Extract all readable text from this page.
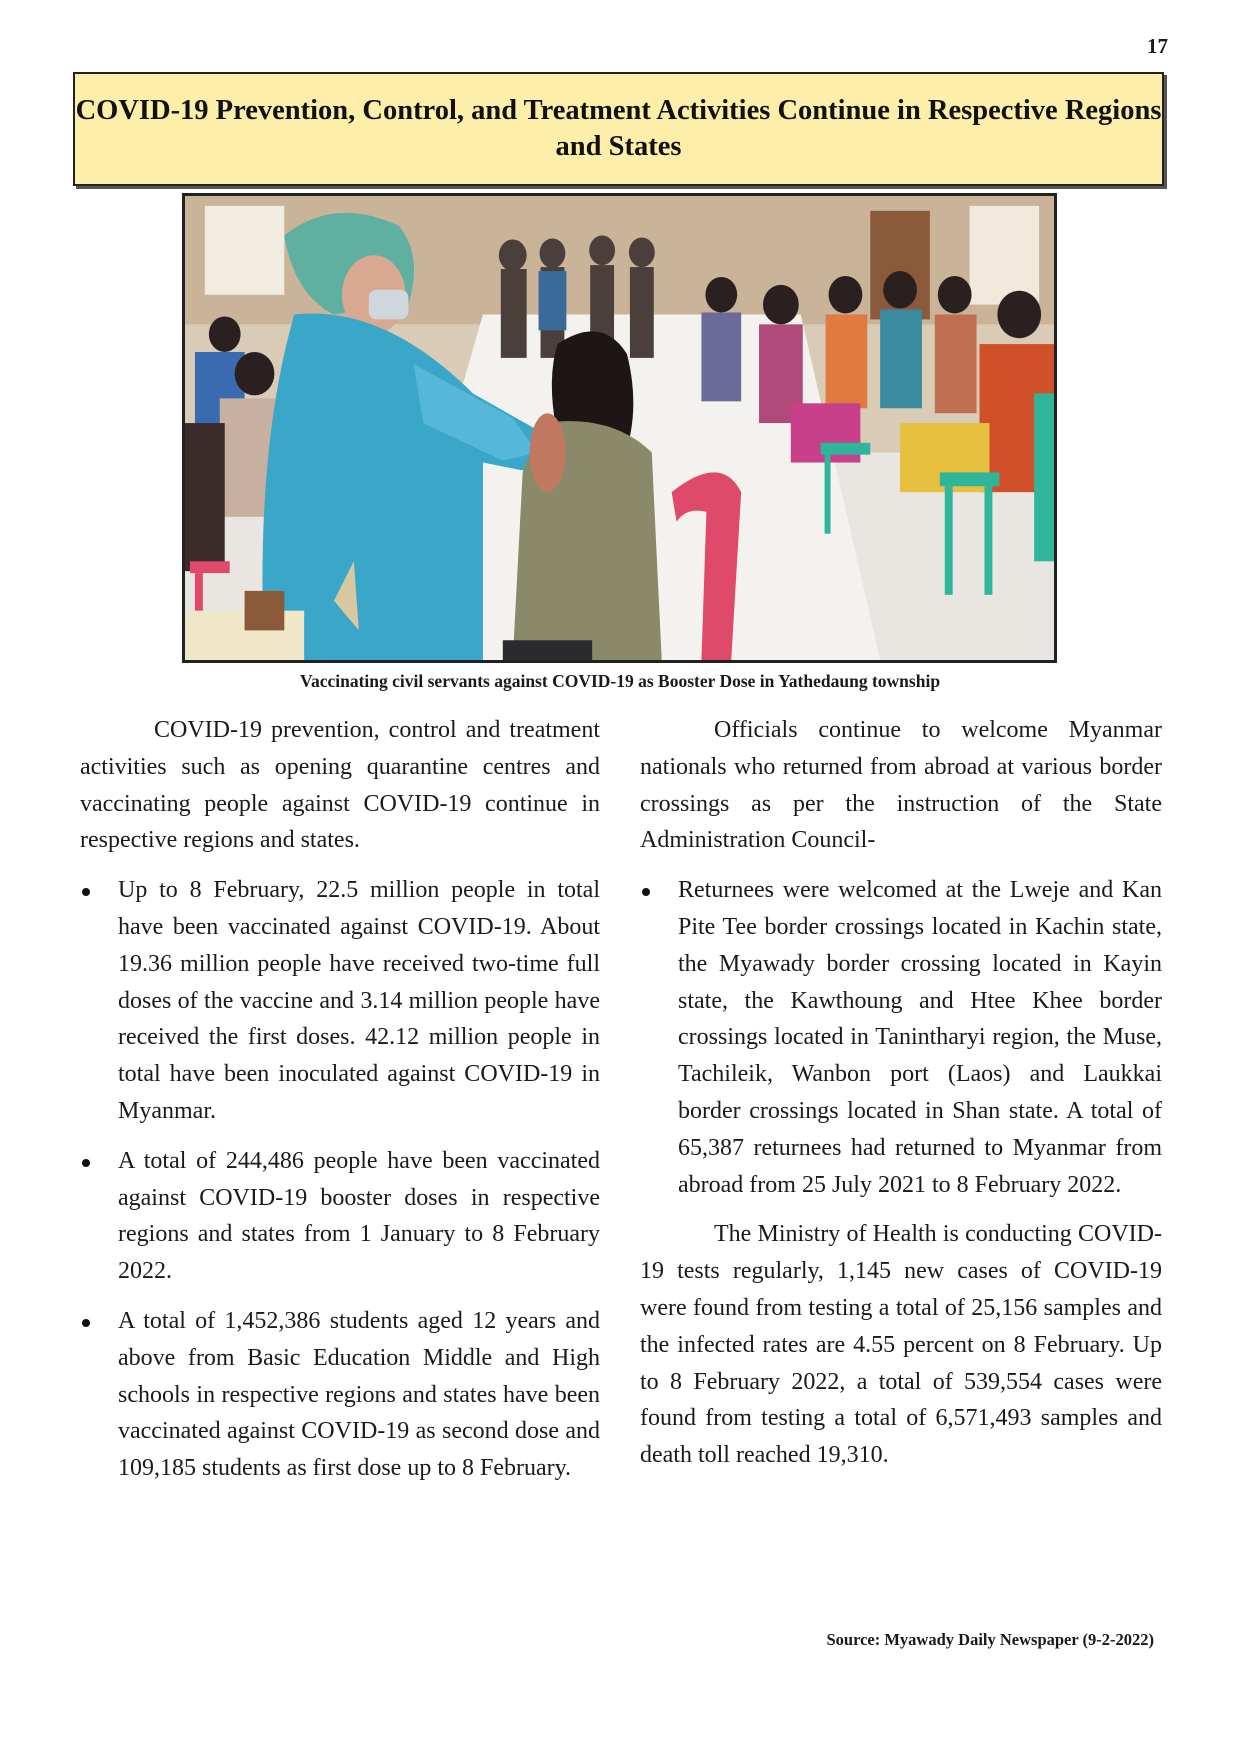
17
COVID-19 Prevention, Control, and Treatment Activities Continue in Respective Regions and States
Vaccinating civil servants against COVID-19 as Booster Dose in Yathedaung township

COVID-19 prevention, control and treatment activities such as opening quarantine centres and vaccinating people against COVID-19 continue in respective regions and states.

Up to 8 February, 22.5 million people in total have been vaccinated against COVID-19. About 19.36 million people have received two-time full doses of the vaccine and 3.14 million people have received the first doses. 42.12 million people in total have been inoculated against COVID-19 in Myanmar.
A total of 244,486 people have been vaccinated against COVID-19 booster doses in respective regions and states from 1 January to 8 February 2022.
A total of 1,452,386 students aged 12 years and above from Basic Education Middle and High schools in respective regions and states have been vaccinated against COVID-19 as second dose and 109,185 students as first dose up to 8 February.

Officials continue to welcome Myanmar nationals who returned from abroad at various border crossings as per the instruction of the State Administration Council-

Returnees were welcomed at the Lweje and Kan Pite Tee border crossings located in Kachin state, the Myawady border crossing located in Kayin state, the Kawthoung and Htee Khee border crossings located in Tanintharyi region, the Muse, Tachileik, Wanbon port (Laos) and Laukkai border crossings located in Shan state. A total of 65,387 returnees had returned to Myanmar from abroad from 25 July 2021 to 8 February 2022.

The Ministry of Health is conducting COVID-19 tests regularly, 1,145 new cases of COVID-19 were found from testing a total of 25,156 samples and the infected rates are 4.55 percent on 8 February. Up to 8 February 2022, a total of 539,554 cases were found from testing a total of 6,571,493 samples and death toll reached 19,310.

Source: Myawady Daily Newspaper (9-2-2022)
